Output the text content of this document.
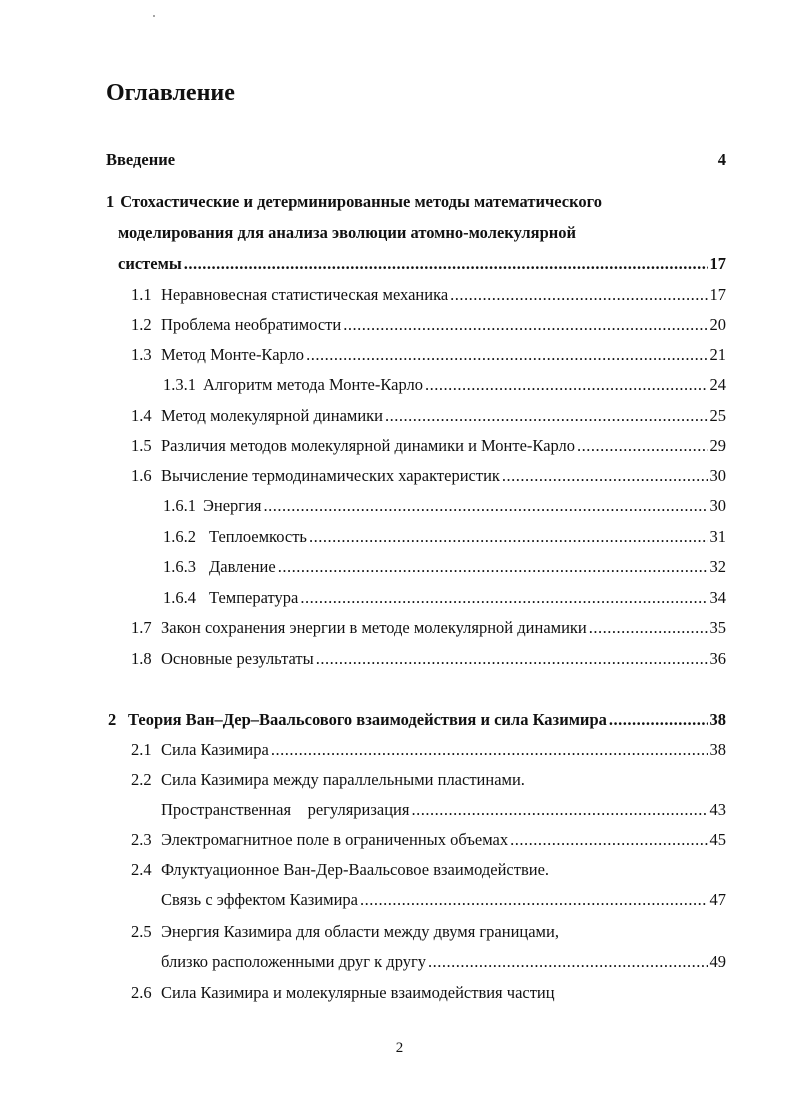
Оглавление
Введение	4
1 Стохастические и детерминированные методы математического
моделирования для анализа эволюции атомно-молекулярной
системы .....	17
1.1 Неравновесная статистическая механика .....	17
1.2 Проблема необратимости .....	20
1.3 Метод Монте-Карло .....	21
1.3.1 Алгоритм метода Монте-Карло .....	24
1.4 Метод молекулярной динамики .....	25
1.5 Различия методов молекулярной динамики и Монте-Карло .....	29
1.6 Вычисление термодинамических характеристик .....	30
1.6.1 Энергия .....	30
1.6.2 Теплоемкость .....	31
1.6.3 Давление .....	32
1.6.4 Температура .....	34
1.7 Закон сохранения энергии в методе молекулярной динамики .....	35
1.8 Основные результаты .....	36
2 Теория Ван–Дер–Ваальсового взаимодействия и сила Казимира .....	38
2.1 Сила Казимира .....	38
2.2 Сила Казимира между параллельными пластинами.
Пространственная    регуляризация .....	43
2.3 Электромагнитное поле в ограниченных объемах .....	45
2.4 Флуктуационное Ван-Дер-Ваальсовое взаимодействие.
Связь с эффектом Казимира .....	47
2.5 Энергия Казимира для области между двумя границами,
близко расположенными друг к другу .....	49
2.6 Сила Казимира и молекулярные взаимодействия частиц
2
